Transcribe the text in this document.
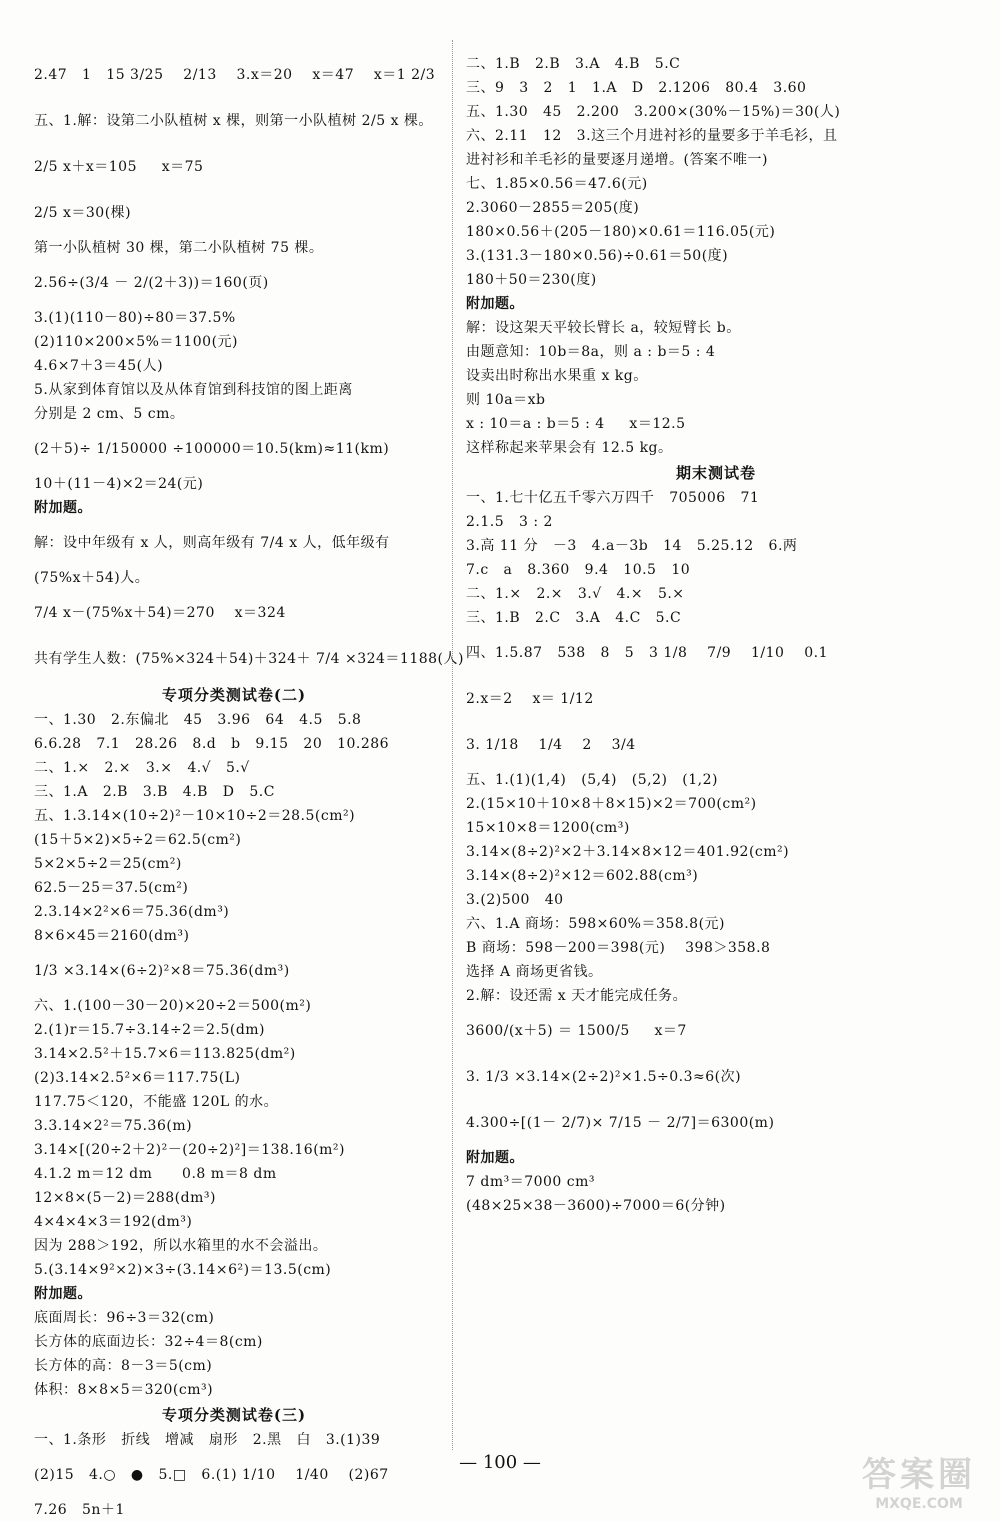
2.47   1   15 3/25    2/13    3.x＝20    x＝47    x＝1 2/3
五、1.解：设第二小队植树 x 棵，则第一小队植树 2/5 x 棵。
2/5 x＋x＝105     x＝75
2/5 x＝30(棵)
第一小队植树 30 棵，第二小队植树 75 棵。
2.56÷(3/4 － 2/(2＋3))＝160(页)
3.(1)(110－80)÷80＝37.5%
(2)110×200×5%＝1100(元)
4.6×7＋3＝45(人)
5.从家到体育馆以及从体育馆到科技馆的图上距离
分别是 2 cm、5 cm。
(2＋5)÷ 1/150000 ÷100000＝10.5(km)≈11(km)
10＋(11－4)×2＝24(元)
附加题。
解：设中年级有 x 人，则高年级有 7/4 x 人，低年级有
(75%x＋54)人。
7/4 x－(75%x＋54)＝270    x＝324
共有学生人数：(75%×324＋54)＋324＋ 7/4 ×324＝1188(人)
专项分类测试卷(二)
一、1.30   2.东偏北   45   3.96   64   4.5   5.8
6.6.28   7.1   28.26   8.d   b   9.15   20   10.286
二、1.×   2.×   3.×   4.√   5.√
三、1.A   2.B   3.B   4.B   D   5.C
五、1.3.14×(10÷2)²－10×10÷2＝28.5(cm²)
(15＋5×2)×5÷2＝62.5(cm²)
5×2×5÷2＝25(cm²)
62.5－25＝37.5(cm²)
2.3.14×2²×6＝75.36(dm³)
8×6×45＝2160(dm³)
1/3 ×3.14×(6÷2)²×8＝75.36(dm³)
六、1.(100－30－20)×20÷2＝500(m²)
2.(1)r＝15.7÷3.14÷2＝2.5(dm)
3.14×2.5²＋15.7×6＝113.825(dm²)
(2)3.14×2.5²×6＝117.75(L)
117.75＜120，不能盛 120L 的水。
3.3.14×2²＝75.36(m)
3.14×[(20÷2＋2)²－(20÷2)²]＝138.16(m²)
4.1.2 m＝12 dm      0.8 m＝8 dm
12×8×(5－2)＝288(dm³)
4×4×4×3＝192(dm³)
因为 288＞192，所以水箱里的水不会溢出。
5.(3.14×9²×2)×3÷(3.14×6²)＝13.5(cm)
附加题。
底面周长：96÷3＝32(cm)
长方体的底面边长：32÷4＝8(cm)
长方体的高：8－3＝5(cm)
体积：8×8×5＝320(cm³)
专项分类测试卷(三)
一、1.条形   折线   增减   扇形   2.黑   白   3.(1)39
(2)15   4.○   ●   5.□   6.(1) 1/10    1/40    (2)67
7.26   5n＋1
二、1.B   2.B   3.A   4.B   5.C
三、9   3   2   1   1.A   D   2.1206   80.4   3.60
五、1.30   45   2.200   3.200×(30%－15%)＝30(人)
六、2.11   12   3.这三个月进衬衫的量要多于羊毛衫，且
进衬衫和羊毛衫的量要逐月递增。(答案不唯一)
七、1.85×0.56＝47.6(元)
2.3060－2855＝205(度)
180×0.56＋(205－180)×0.61＝116.05(元)
3.(131.3－180×0.56)÷0.61＝50(度)
180＋50＝230(度)
附加题。
解：设这架天平较长臂长 a，较短臂长 b。
由题意知：10b＝8a，则 a : b＝5 : 4
设卖出时称出水果重 x kg。
则 10a＝xb
x : 10＝a : b＝5 : 4     x＝12.5
这样称起来苹果会有 12.5 kg。
期末测试卷
一、1.七十亿五千零六万四千   705006   71
2.1.5   3 : 2
3.高 11 分   －3   4.a－3b   14   5.25.12   6.两
7.c   a   8.360   9.4   10.5   10
二、1.×   2.×   3.√   4.×   5.×
三、1.B   2.C   3.A   4.C   5.C
四、1.5.87   538   8   5   3 1/8    7/9    1/10    0.1
2.x＝2    x＝ 1/12
3. 1/18    1/4    2    3/4
五、1.(1)(1,4)   (5,4)   (5,2)   (1,2)
2.(15×10＋10×8＋8×15)×2＝700(cm²)
15×10×8＝1200(cm³)
3.14×(8÷2)²×2＋3.14×8×12＝401.92(cm²)
3.14×(8÷2)²×12＝602.88(cm³)
3.(2)500   40
六、1.A 商场：598×60%＝358.8(元)
B 商场：598－200＝398(元)    398＞358.8
选择 A 商场更省钱。
2.解：设还需 x 天才能完成任务。
3600/(x＋5) ＝ 1500/5     x＝7
3. 1/3 ×3.14×(2÷2)²×1.5÷0.3≈6(次)
4.300÷[(1－ 2/7)× 7/15 － 2/7]＝6300(m)
附加题。
7 dm³＝7000 cm³
(48×25×38－3600)÷7000＝6(分钟)
— 100 —	答案圈
MXQE.COM
